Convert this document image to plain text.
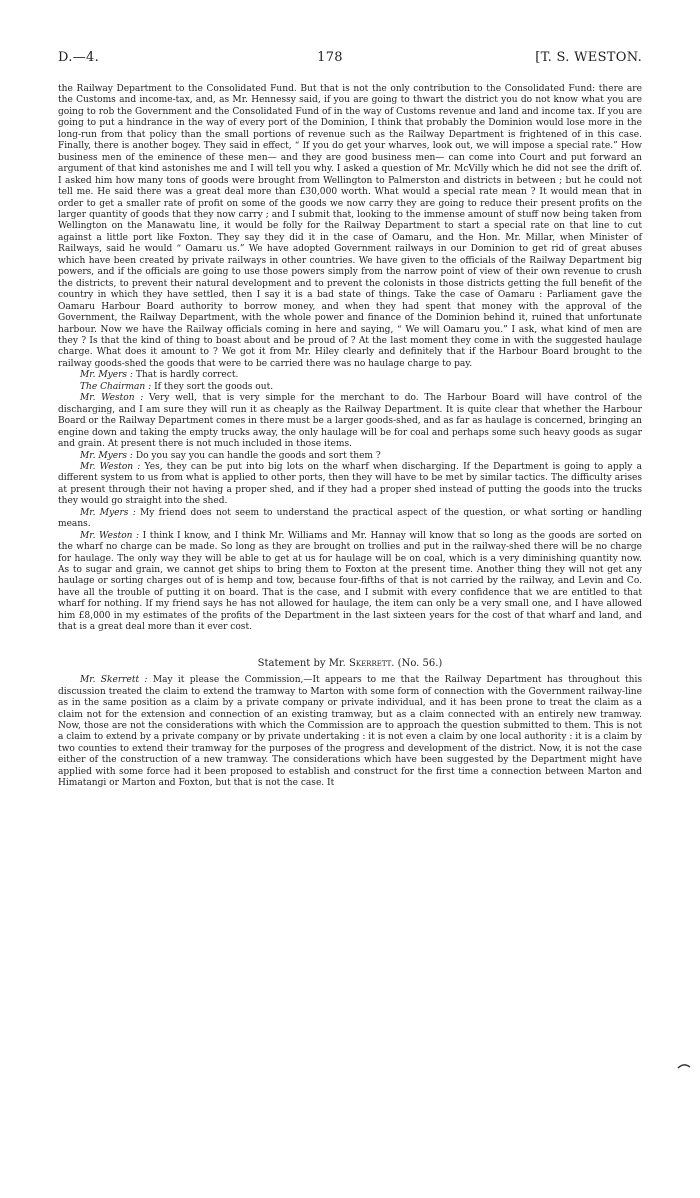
D.—4.	178	[T. S. WESTON.

the Railway Department to the Consolidated Fund. But that is not the only contribution to the Consolidated Fund: there are the Customs and income-tax, and, as Mr. Hennessy said, if you are going to thwart the district you do not know what you are going to rob the Government and the Consolidated Fund of in the way of Customs revenue and land and income tax. If you are going to put a hindrance in the way of every port of the Dominion, I think that probably the Dominion would lose more in the long-run from that policy than the small portions of revenue such as the Railway Department is frightened of in this case. Finally, there is another bogey. They said in effect, “ If you do get your wharves, look out, we will impose a special rate.” How business men of the eminence of these men— and they are good business men— can come into Court and put forward an argument of that kind astonishes me and I will tell you why. I asked a question of Mr. McVilly which he did not see the drift of. I asked him how many tons of goods were brought from Wellington to Palmerston and districts in between ; but he could not tell me. He said there was a great deal more than £30,000 worth. What would a special rate mean ? It would mean that in order to get a smaller rate of profit on some of the goods we now carry they are going to reduce their present profits on the larger quantity of goods that they now carry ; and I submit that, looking to the immense amount of stuff now being taken from Wellington on the Manawatu line, it would be folly for the Railway Department to start a special rate on that line to cut against a little port like Foxton. They say they did it in the case of Oamaru, and the Hon. Mr. Millar, when Minister of Railways, said he would “ Oamaru us.” We have adopted Government railways in our Dominion to get rid of great abuses which have been created by private railways in other countries. We have given to the officials of the Railway Department big powers, and if the officials are going to use those powers simply from the narrow point of view of their own revenue to crush the districts, to prevent their natural development and to prevent the colonists in those districts getting the full benefit of the country in which they have settled, then I say it is a bad state of things. Take the case of Oamaru : Parliament gave the Oamaru Harbour Board authority to borrow money, and when they had spent that money with the approval of the Government, the Railway Department, with the whole power and finance of the Dominion behind it, ruined that unfortunate harbour. Now we have the Railway officials coming in here and saying, “ We will Oamaru you.” I ask, what kind of men are they ? Is that the kind of thing to boast about and be proud of ? At the last moment they come in with the suggested haulage charge. What does it amount to ? We got it from Mr. Hiley clearly and definitely that if the Harbour Board brought to the railway goods-shed the goods that were to be carried there was no haulage charge to pay.

Mr. Myers : That is hardly correct.

The Chairman : If they sort the goods out.

Mr. Weston : Very well, that is very simple for the merchant to do. The Harbour Board will have control of the discharging, and I am sure they will run it as cheaply as the Railway Department. It is quite clear that whether the Harbour Board or the Railway Department comes in there must be a larger goods-shed, and as far as haulage is concerned, bringing an engine down and taking the empty trucks away, the only haulage will be for coal and perhaps some such heavy goods as sugar and grain. At present there is not much included in those items.

Mr. Myers : Do you say you can handle the goods and sort them ?

Mr. Weston : Yes, they can be put into big lots on the wharf when discharging. If the Department is going to apply a different system to us from what is applied to other ports, then they will have to be met by similar tactics. The difficulty arises at present through their not having a proper shed, and if they had a proper shed instead of putting the goods into the trucks they would go straight into the shed.

Mr. Myers : My friend does not seem to understand the practical aspect of the question, or what sorting or handling means.

Mr. Weston : I think I know, and I think Mr. Williams and Mr. Hannay will know that so long as the goods are sorted on the wharf no charge can be made. So long as they are brought on trollies and put in the railway-shed there will be no charge for haulage. The only way they will be able to get at us for haulage will be on coal, which is a very diminishing quantity now. As to sugar and grain, we cannot get ships to bring them to Foxton at the present time. Another thing they will not get any haulage or sorting charges out of is hemp and tow, because four-fifths of that is not carried by the railway, and Levin and Co. have all the trouble of putting it on board. That is the case, and I submit with every confidence that we are entitled to that wharf for nothing. If my friend says he has not allowed for haulage, the item can only be a very small one, and I have allowed him £8,000 in my estimates of the profits of the Department in the last sixteen years for the cost of that wharf and land, and that is a great deal more than it ever cost.

Statement by Mr. Skerrett. (No. 56.)

Mr. Skerrett : May it please the Commission,—It appears to me that the Railway Department has throughout this discussion treated the claim to extend the tramway to Marton with some form of connection with the Government railway-line as in the same position as a claim by a private company or private individual, and it has been prone to treat the claim as a claim not for the extension and connection of an existing tramway, but as a claim connected with an entirely new tramway. Now, those are not the considerations with which the Commission are to approach the question submitted to them. This is not a claim to extend by a private company or by private undertaking : it is not even a claim by one local authority : it is a claim by two counties to extend their tramway for the purposes of the progress and development of the district. Now, it is not the case either of the construction of a new tramway. The considerations which have been suggested by the Department might have applied with some force had it been proposed to establish and construct for the first time a connection between Marton and Himatangi or Marton and Foxton, but that is not the case. It
